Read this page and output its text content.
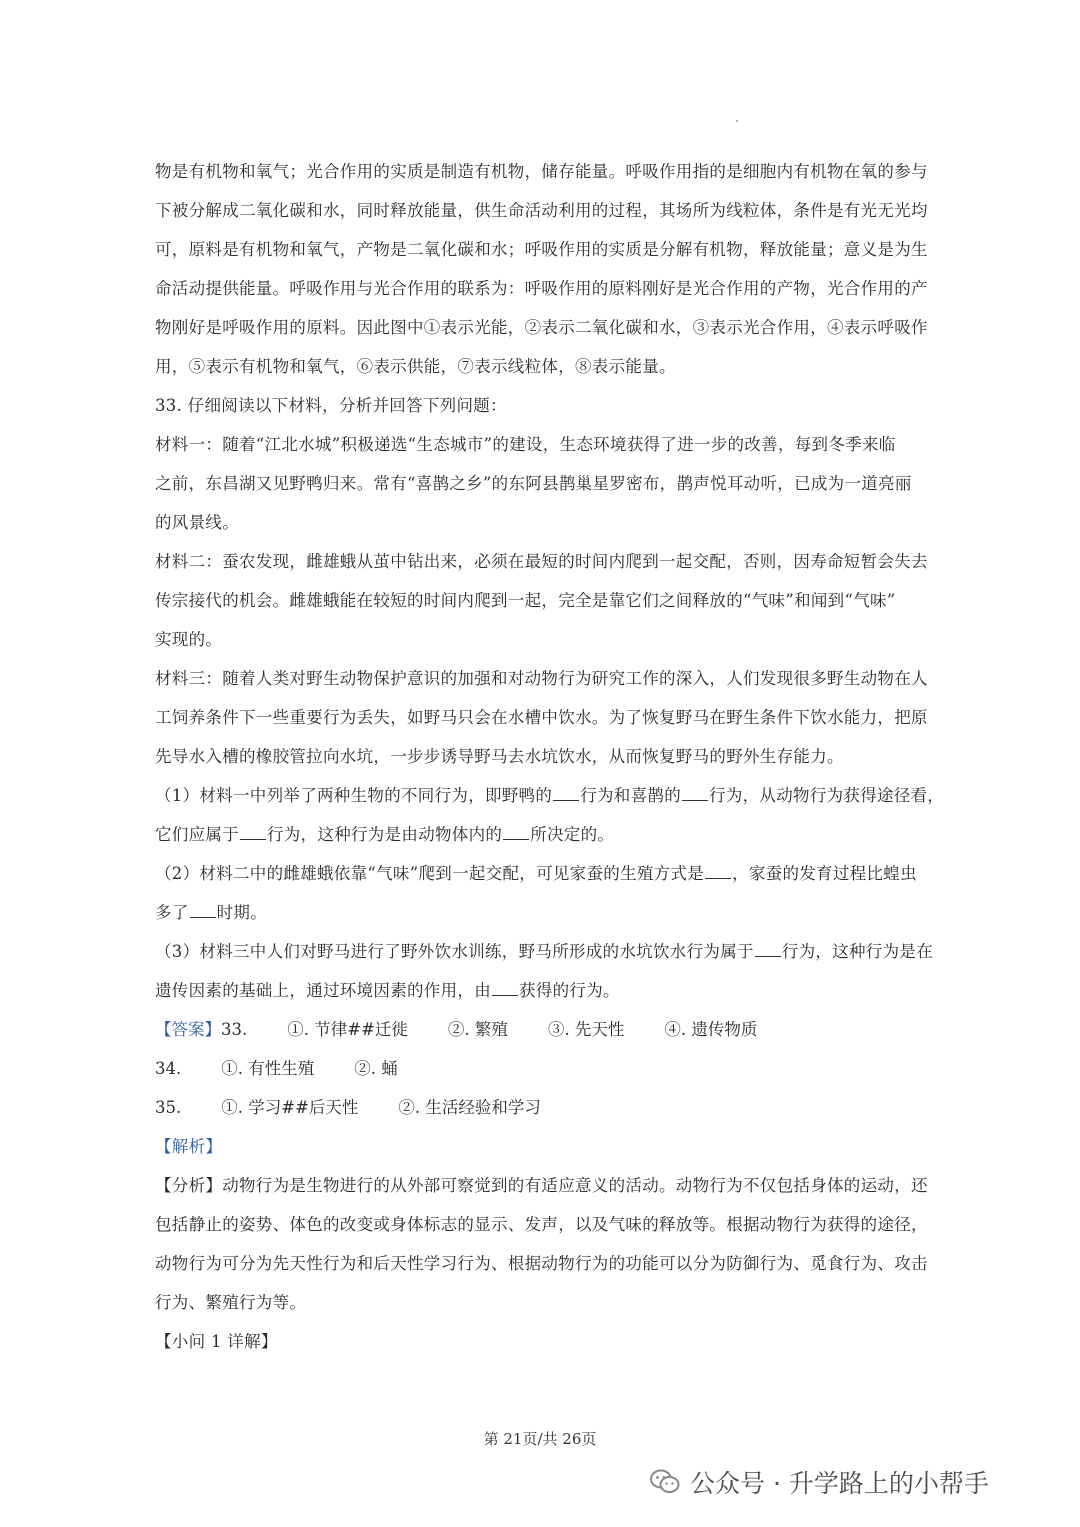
物是有机物和氧气；光合作用的实质是制造有机物，储存能量。呼吸作用指的是细胞内有机物在氧的参与
下被分解成二氧化碳和水，同时释放能量，供生命活动利用的过程，其场所为线粒体，条件是有光无光均
可，原料是有机物和氧气，产物是二氧化碳和水；呼吸作用的实质是分解有机物，释放能量；意义是为生
命活动提供能量。呼吸作用与光合作用的联系为：呼吸作用的原料刚好是光合作用的产物，光合作用的产
物刚好是呼吸作用的原料。因此图中①表示光能，②表示二氧化碳和水，③表示光合作用，④表示呼吸作
用，⑤表示有机物和氧气，⑥表示供能，⑦表示线粒体，⑧表示能量。
33. 仔细阅读以下材料，分析并回答下列问题：
材料一：随着“江北水城”积极递选“生态城市”的建设，生态环境获得了进一步的改善，每到冬季来临
之前，东昌湖又见野鸭归来。常有“喜鹊之乡”的东阿县鹊巢星罗密布，鹊声悦耳动听，已成为一道亮丽
的风景线。
材料二：蚕农发现，雌雄蛾从茧中钻出来，必须在最短的时间内爬到一起交配，否则，因寿命短暂会失去
传宗接代的机会。雌雄蛾能在较短的时间内爬到一起，完全是靠它们之间释放的“气味”和闻到“气味”
实现的。
材料三：随着人类对野生动物保护意识的加强和对动物行为研究工作的深入，人们发现很多野生动物在人
工饲养条件下一些重要行为丢失，如野马只会在水槽中饮水。为了恢复野马在野生条件下饮水能力，把原
先导水入槽的橡胶管拉向水坑，一步步诱导野马去水坑饮水，从而恢复野马的野外生存能力。
（1）材料一中列举了两种生物的不同行为，即野鸭的 行为和喜鹊的 行为，从动物行为获得途径看，
它们应属于 行为，这种行为是由动物体内的 所决定的。
（2）材料二中的雌雄蛾依靠“气味”爬到一起交配，可见家蚕的生殖方式是 ，家蚕的发育过程比蝗虫
多了 时期。
（3）材料三中人们对野马进行了野外饮水训练，野马所形成的水坑饮水行为属于 行为，这种行为是在
遗传因素的基础上，通过环境因素的作用，由 获得的行为。
【答案】33. ①. 节律##迁徙 ②. 繁殖 ③. 先天性 ④. 遗传物质
34. ①. 有性生殖 ②. 蛹
35. ①. 学习##后天性 ②. 生活经验和学习
【解析】
【分析】动物行为是生物进行的从外部可察觉到的有适应意义的活动。动物行为不仅包括身体的运动，还
包括静止的姿势、体色的改变或身体标志的显示、发声，以及气味的释放等。根据动物行为获得的途径，
动物行为可分为先天性行为和后天性学习行为、根据动物行为的功能可以分为防御行为、觅食行为、攻击
行为、繁殖行为等。
【小问 1 详解】
第 21页/共 26页
公众号 · 升学路上的小帮手
